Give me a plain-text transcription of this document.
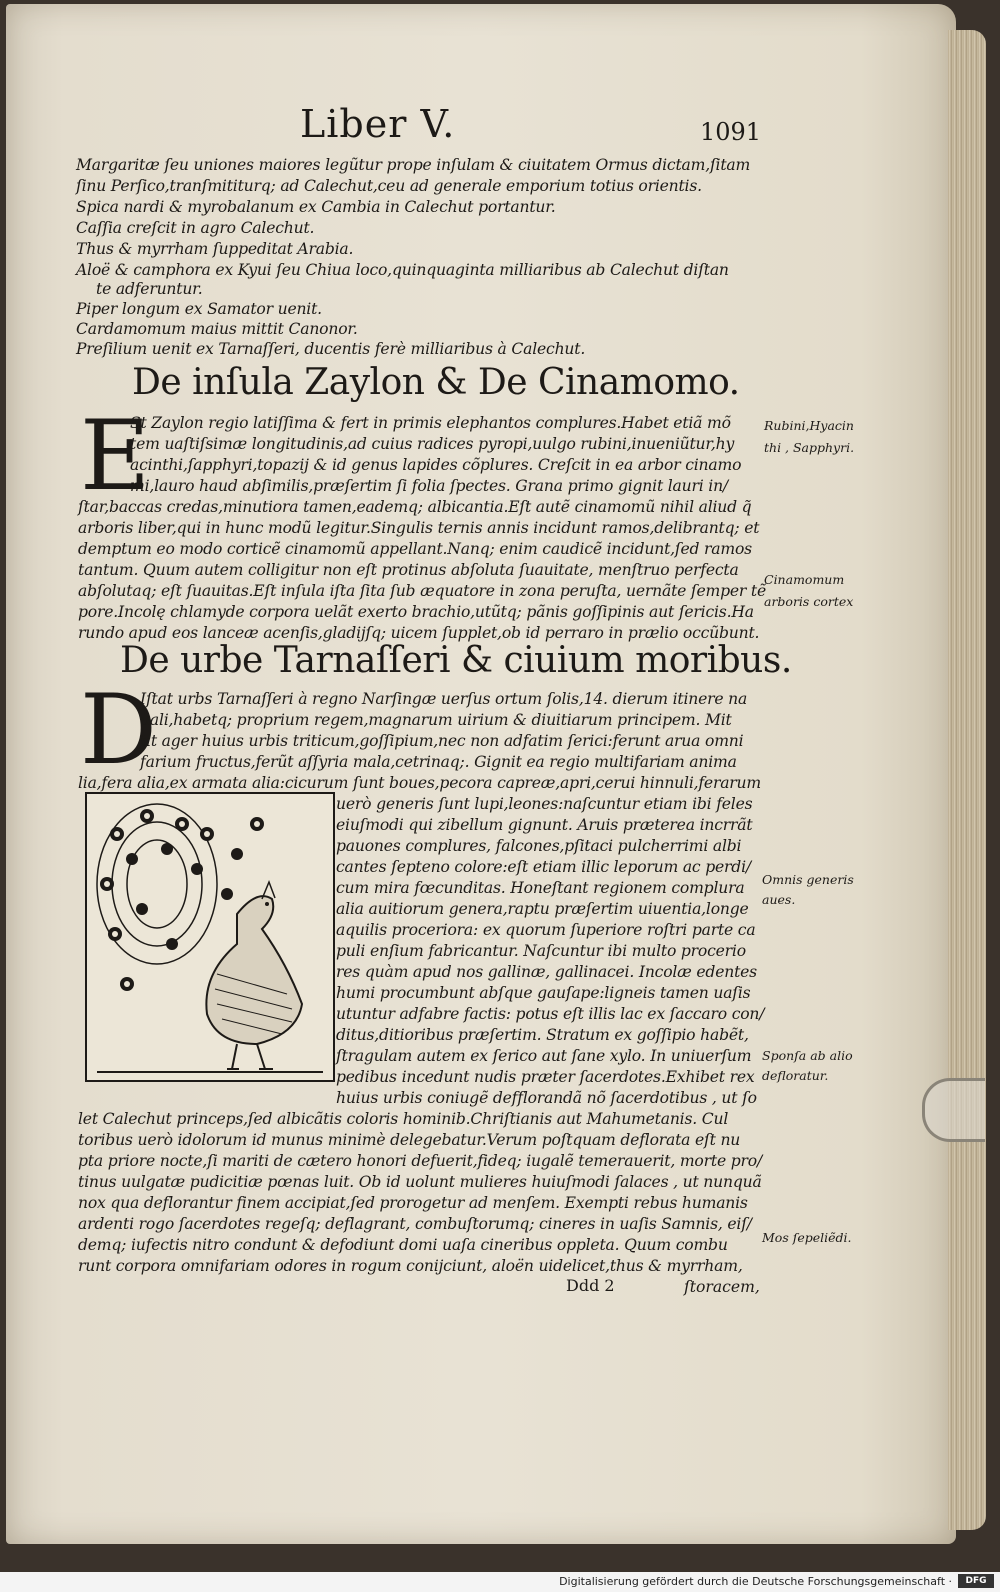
Liber V.	1091
Margaritæ ſeu uniones maiores legũtur prope inſulam & ciuitatem Ormus dictam,ſitam
ſinu Perſico,tranſmititurq; ad Calechut,ceu ad generale emporium totius orientis.
Spica nardi & myrobalanum ex Cambia in Calechut portantur.
Caſſia creſcit in agro Calechut.
Thus & myrrham ſuppeditat Arabia.
Aloë & camphora ex Kyui ſeu Chiua loco,quinquaginta milliaribus ab Calechut diſtan
te adferuntur.
Piper longum ex Samator uenit.
Cardamomum maius mittit Canonor.
Preſilium uenit ex Tarnaſſeri, ducentis ferè milliaribus à Calechut.
De inſula Zaylon & De Cinamomo.
E
St Zaylon regio latiſſima & fert in primis elephantos complures.Habet etiã mõ
tem uaſtiſsimæ longitudinis,ad cuius radices pyropi,uulgo rubini,inueniũtur,hy
acinthi,ſapphyri,topazij & id genus lapides cõplures. Creſcit in ea arbor cinamo
mi,lauro haud abſimilis,præſertim ſi folia ſpectes. Grana primo gignit lauri in/
ſtar,baccas credas,minutiora tamen,eademq; albicantia.Eſt autẽ cinamomũ nihil aliud q̃
arboris liber,qui in hunc modũ legitur.Singulis ternis annis incidunt ramos,delibrantq; et
demptum eo modo corticẽ cinamomũ appellant.Nanq; enim caudicẽ incidunt,ſed ramos
tantum. Quum autem colligitur non eſt protinus abſoluta ſuauitate, menſtruo perfecta
abſolutaq; eſt ſuauitas.Eſt inſula iſta ſita ſub æquatore in zona peruſta, uernãte ſemper tẽ
pore.Incolę chlamyde corpora uelãt exerto brachio,utũtq; pãnis goſſipinis aut ſericis.Ha
rundo apud eos lanceæ acenſis,gladijſq; uicem ſupplet,ob id perraro in prælio occũbunt.
Rubini,Hyacin
thi , Sapphyri.
Cinamomum
arboris cortex
De urbe Tarnaſſeri & ciuium moribus.
D
Iſtat urbs Tarnaſſeri à regno Narſingæ uerſus ortum ſolis,14. dierum itinere na
uali,habetq; proprium regem,magnarum uirium & diuitiarum principem. Mit
tit ager huius urbis triticum,goſſipium,nec non adfatim ſerici:ferunt arua omni
farium fructus,ferũt aſſyria mala,cetrinaq;. Gignit ea regio multifariam anima
lia,fera alia,ex armata alia:cicurum ſunt boues,pecora capreæ,apri,cerui hinnuli,ferarum
uerò generis ſunt lupi,leones:naſcuntur etiam ibi feles
eiuſmodi qui zibellum gignunt. Aruis præterea incrrãt
pauones complures, falcones,pſitaci pulcherrimi albi
cantes ſepteno colore:eſt etiam illic leporum ac perdi/
cum mira fœcunditas. Honeſtant regionem complura
alia auitiorum genera,raptu præſertim uiuentia,longe
aquilis proceriora: ex quorum ſuperiore roſtri parte ca
puli enſium fabricantur. Naſcuntur ibi multo procerio
res quàm apud nos gallinæ, gallinacei. Incolæ edentes
humi procumbunt abſque gauſape:ligneis tamen uaſis
utuntur adfabre factis: potus eſt illis lac ex ſaccaro con/
ditus,ditioribus præſertim. Stratum ex goſſipio habẽt,
ſtragulam autem ex ſerico aut ſane xylo. In uniuerſum
pedibus incedunt nudis præter ſacerdotes.Exhibet rex
huius urbis coniugẽ defflorandã nõ ſacerdotibus , ut ſo
let Calechut princeps,ſed albicãtis coloris hominib.Chriſtianis aut Mahumetanis. Cul
toribus uerò idolorum id munus minimè delegebatur.Verum poſtquam deflorata eſt nu
pta priore nocte,ſi mariti de cætero honori defuerit,fideq; iugalẽ temerauerit, morte pro/
tinus uulgatæ pudicitiæ pœnas luit. Ob id uolunt mulieres huiuſmodi ſalaces , ut nunquã
nox qua deflorantur finem accipiat,ſed prorogetur ad menſem. Exempti rebus humanis
ardenti rogo ſacerdotes regeſq; deflagrant, combuſtorumq; cineres in uaſis Samnis, eiſ/
demq; iufectis nitro condunt & defodiunt domi uaſa cineribus oppleta. Quum combu
runt corpora omnifariam odores in rogum conijciunt, aloën uidelicet,thus & myrrham,
Omnis generis
aues.
Sponſa ab alio
defloratur.
Mos ſepeliẽdi.
Ddd 2	ſtoracem,
Digitalisierung gefördert durch die Deutsche Forschungsgemeinschaft ·	DFG
